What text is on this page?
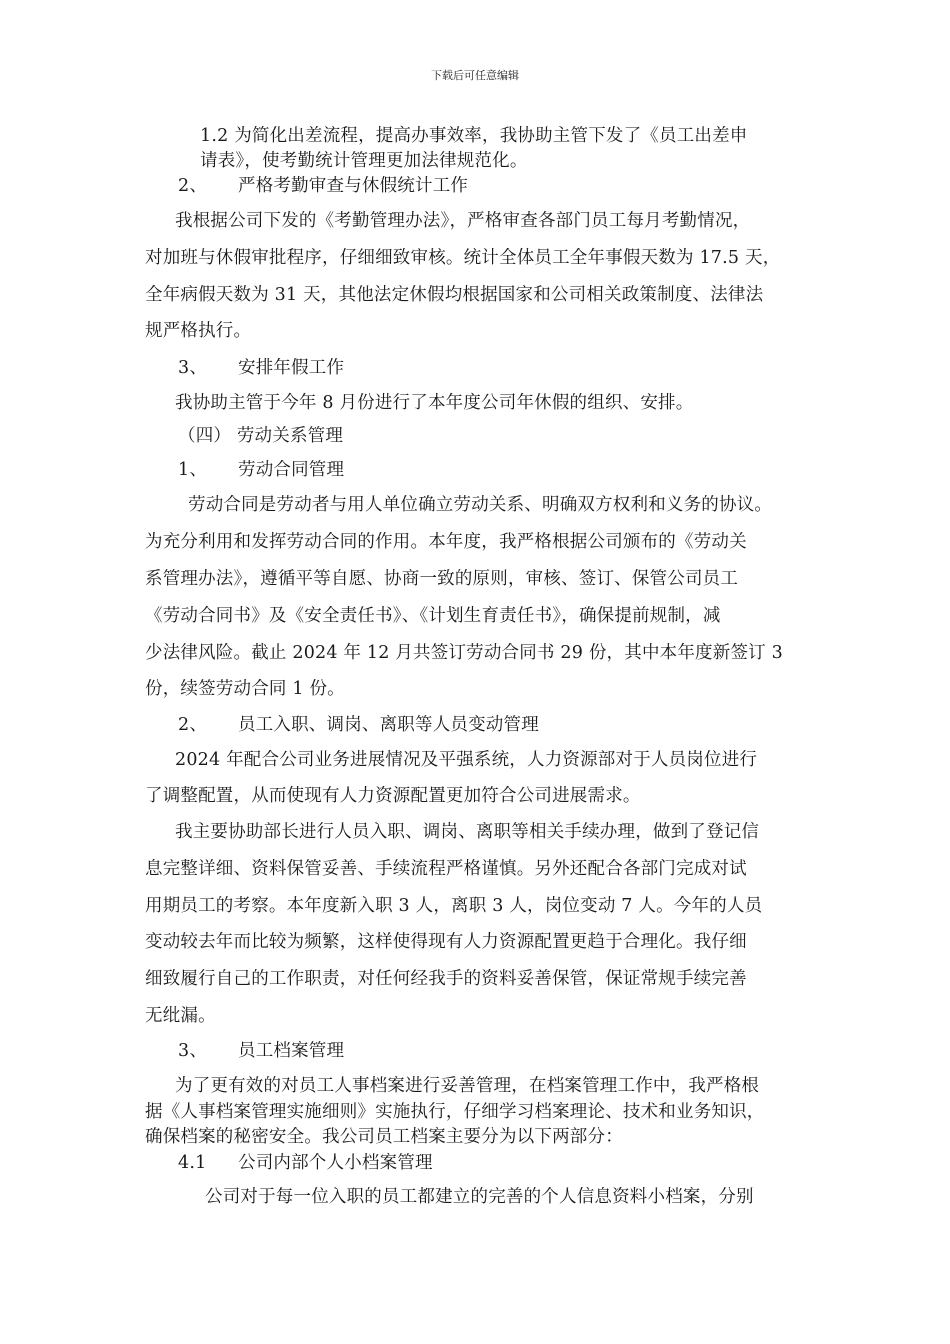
下载后可任意编辑
1.2 为简化出差流程，提高办事效率，我协助主管下发了《员工出差申
请表》，使考勤统计管理更加法律规范化。
2、 严格考勤审查与休假统计工作
我根据公司下发的《考勤管理办法》，严格审查各部门员工每月考勤情况，
对加班与休假审批程序，仔细细致审核。统计全体员工全年事假天数为 17.5 天，
全年病假天数为 31 天，其他法定休假均根据国家和公司相关政策制度、法律法
规严格执行。
3、 安排年假工作
我协助主管于今年 8 月份进行了本年度公司年休假的组织、安排。
（四） 劳动关系管理
1、 劳动合同管理
劳动合同是劳动者与用人单位确立劳动关系、明确双方权利和义务的协议。
为充分利用和发挥劳动合同的作用。本年度，我严格根据公司颁布的《劳动关
系管理办法》，遵循平等自愿、协商一致的原则，审核、签订、保管公司员工
《劳动合同书》及《安全责任书》、《计划生育责任书》，确保提前规制，减
少法律风险。截止 2024 年 12 月共签订劳动合同书 29 份，其中本年度新签订 3
份，续签劳动合同 1 份。
2、 员工入职、调岗、离职等人员变动管理
2024 年配合公司业务进展情况及平强系统，人力资源部对于人员岗位进行
了调整配置，从而使现有人力资源配置更加符合公司进展需求。
我主要协助部长进行人员入职、调岗、离职等相关手续办理，做到了登记信
息完整详细、资料保管妥善、手续流程严格谨慎。另外还配合各部门完成对试
用期员工的考察。本年度新入职 3 人，离职 3 人，岗位变动 7 人。今年的人员
变动较去年而比较为频繁，这样使得现有人力资源配置更趋于合理化。我仔细
细致履行自己的工作职责，对任何经我手的资料妥善保管，保证常规手续完善
无纰漏。
3、 员工档案管理
为了更有效的对员工人事档案进行妥善管理，在档案管理工作中，我严格根
据《人事档案管理实施细则》实施执行，仔细学习档案理论、技术和业务知识，
确保档案的秘密安全。我公司员工档案主要分为以下两部分：
4.1 公司内部个人小档案管理
公司对于每一位入职的员工都建立的完善的个人信息资料小档案，分别
